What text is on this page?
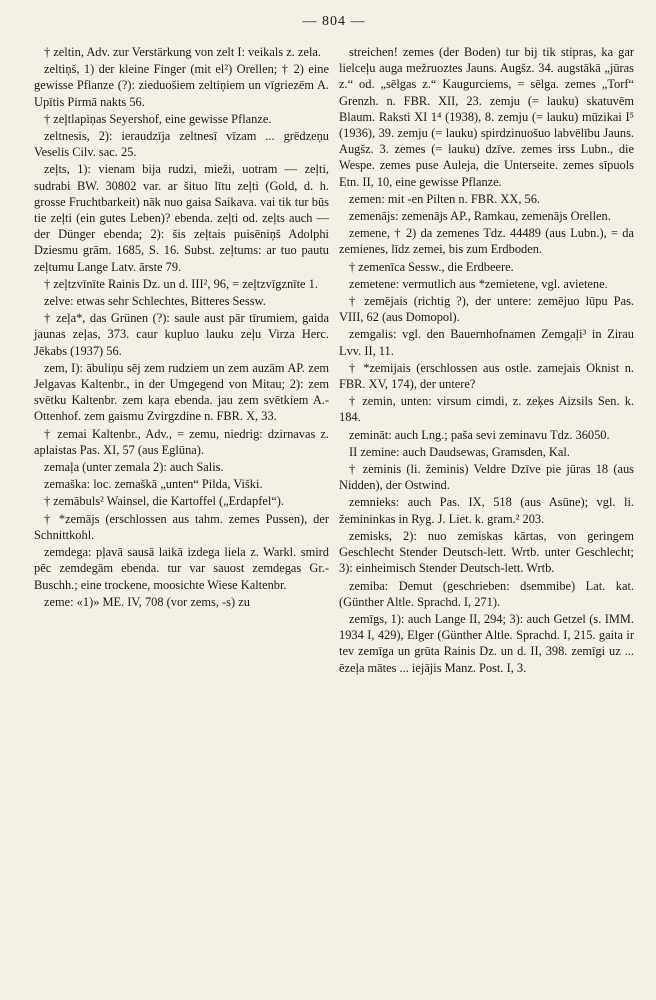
— 804 —

† zeltin, Adv. zur Verstärkung von zelt I: veikals z. zela.

zeltiņš, 1) der kleine Finger (mit el²) Orellen; † 2) eine gewisse Pflanze (?): zieduošiem zeltiņiem un vīgriezēm A. Upītis Pirmā nakts 56.

† zeļtlapiņas Seyershof, eine gewisse Pflanze.

zeltnesis, 2): ieraudzīja zeltnesī vīzam ... grēdzeņu Veselis Cilv. sac. 25.

zeļts, 1): vienam bija rudzi, mieži, uotram — zeļti, sudrabi BW. 30802 var. ar šituo lītu zeļti (Gold, d. h. grosse Fruchtbarkeit) nāk nuo gaisa Saikava. vai tik tur būs tie zeļti (ein gutes Leben)? ebenda. zeļti od. zeļts auch — der Dünger ebenda; 2): šis zeļtais puisēniņš Adolphi Dziesmu grām. 1685, S. 16. Subst. zeļtums: ar tuo pautu zeļtumu Lange Latv. ārste 79.

† zeļtzvīnīte Rainis Dz. un d. III², 96, = zeļtzvīgznīte 1.

zelve: etwas sehr Schlechtes, Bitteres Sessw.

† zeļa*, das Grünen (?): saule aust pār tīrumiem, gaida jaunas zeļas, 373. caur kupluo lauku zeļu Virza Herc. Jēkabs (1937) 56.

zem, I): ābuliņu sēj zem rudziem un zem auzām AP. zem Jelgavas Kaltenbr., in der Umgegend von Mitau; 2): zem svētku Kaltenbr. zem kaŗa ebenda. jau zem svētkiem A.-Ottenhof. zem gaismu Zvirgzdine n. FBR. X, 33.

† zemai Kaltenbr., Adv., = zemu, niedrig: dzirnavas z. aplaistas Pas. XI, 57 (aus Eglūna).

zemaļa (unter zemala 2): auch Salis.

zemaška: loc. zemaškā „unten“ Pilda, Viški.

† zemābuls² Wainsel, die Kartoffel („Erdapfel“).

† *zemājs (erschlossen aus tahm. zemes Pussen), der Schnittkohl.

zemdega: pļavā sausā laikā izdega liela z. Warkl. smird pēc zemdegām ebenda. tur var sauost zemdegas Gr.-Buschh.; eine trockene, moosichte Wiese Kaltenbr.

zeme: «1)» ME. IV, 708 (vor zems, -s) zu

streichen! zemes (der Boden) tur bij tik stipras, ka gar lielceļu auga mežruoztes Jauns. Augšz. 34. augstākā „jūras z.“ od. „sēlgas z.“ Kaugurciems, = sēlga. zemes „Torf“ Grenzh. n. FBR. XII, 23. zemju (= lauku) skatuvēm Blaum. Raksti XI 1⁴ (1938), 8. zemju (= lauku) mūzikai I⁵ (1936), 39. zemju (= lauku) spirdzinuošuo labvēlību Jauns. Augšz. 3. zemes (= lauku) dzīve. zemes irss Lubn., die Wespe. zemes puse Auleja, die Unterseite. zemes sīpuols Etn. II, 10, eine gewisse Pflanze.

zemen: mit -en Pilten n. FBR. XX, 56.

zemenājs: zemenājs AP., Ramkau, zemenājs Orellen.

zemene, † 2) da zemenes Tdz. 44489 (aus Lubn.), = da zemienes, līdz zemei, bis zum Erdboden.

† zemenīca Sessw., die Erdbeere.

zemetene: vermutlich aus *zemietene, vgl. avietene.

† zemējais (richtig ?), der untere: zemējuo lūpu Pas. VIII, 62 (aus Domopol).

zemgalis: vgl. den Bauernhofnamen Zemgaļi³ in Zirau Lvv. II, 11.

† *zemijais (erschlossen aus ostle. zamejais Oknist n. FBR. XV, 174), der untere?

† zemin, unten: virsum cimdi, z. zeķes Aizsils Sen. k. 184.

zemināt: auch Lng.; paša sevi zeminavu Tdz. 36050.

II zemine: auch Daudsewas, Gramsden, Kal.

† zeminis (li. žeminis) Veldre Dzīve pie jūras 18 (aus Nidden), der Ostwind.

zemnieks: auch Pas. IX, 518 (aus Asūne); vgl. li. žemininkas in Ryg. J. Liet. k. gram.² 203.

zemisks, 2): nuo zemiskas kārtas, von geringem Geschlecht Stender Deutsch-lett. Wrtb. unter Geschlecht; 3): einheimisch Stender Deutsch-lett. Wrtb.

zemiba: Demut (geschrieben: dsemmibe) Lat. kat. (Günther Altle. Sprachd. I, 271).

zemīgs, 1): auch Lange II, 294; 3): auch Getzel (s. IMM. 1934 I, 429), Elger (Günther Altle. Sprachd. I, 215. gaita ir tev zemīga un grūta Rainis Dz. un d. II, 398. zemīgi uz ... ēzeļa mātes ... iejājis Manz. Post. I, 3.
